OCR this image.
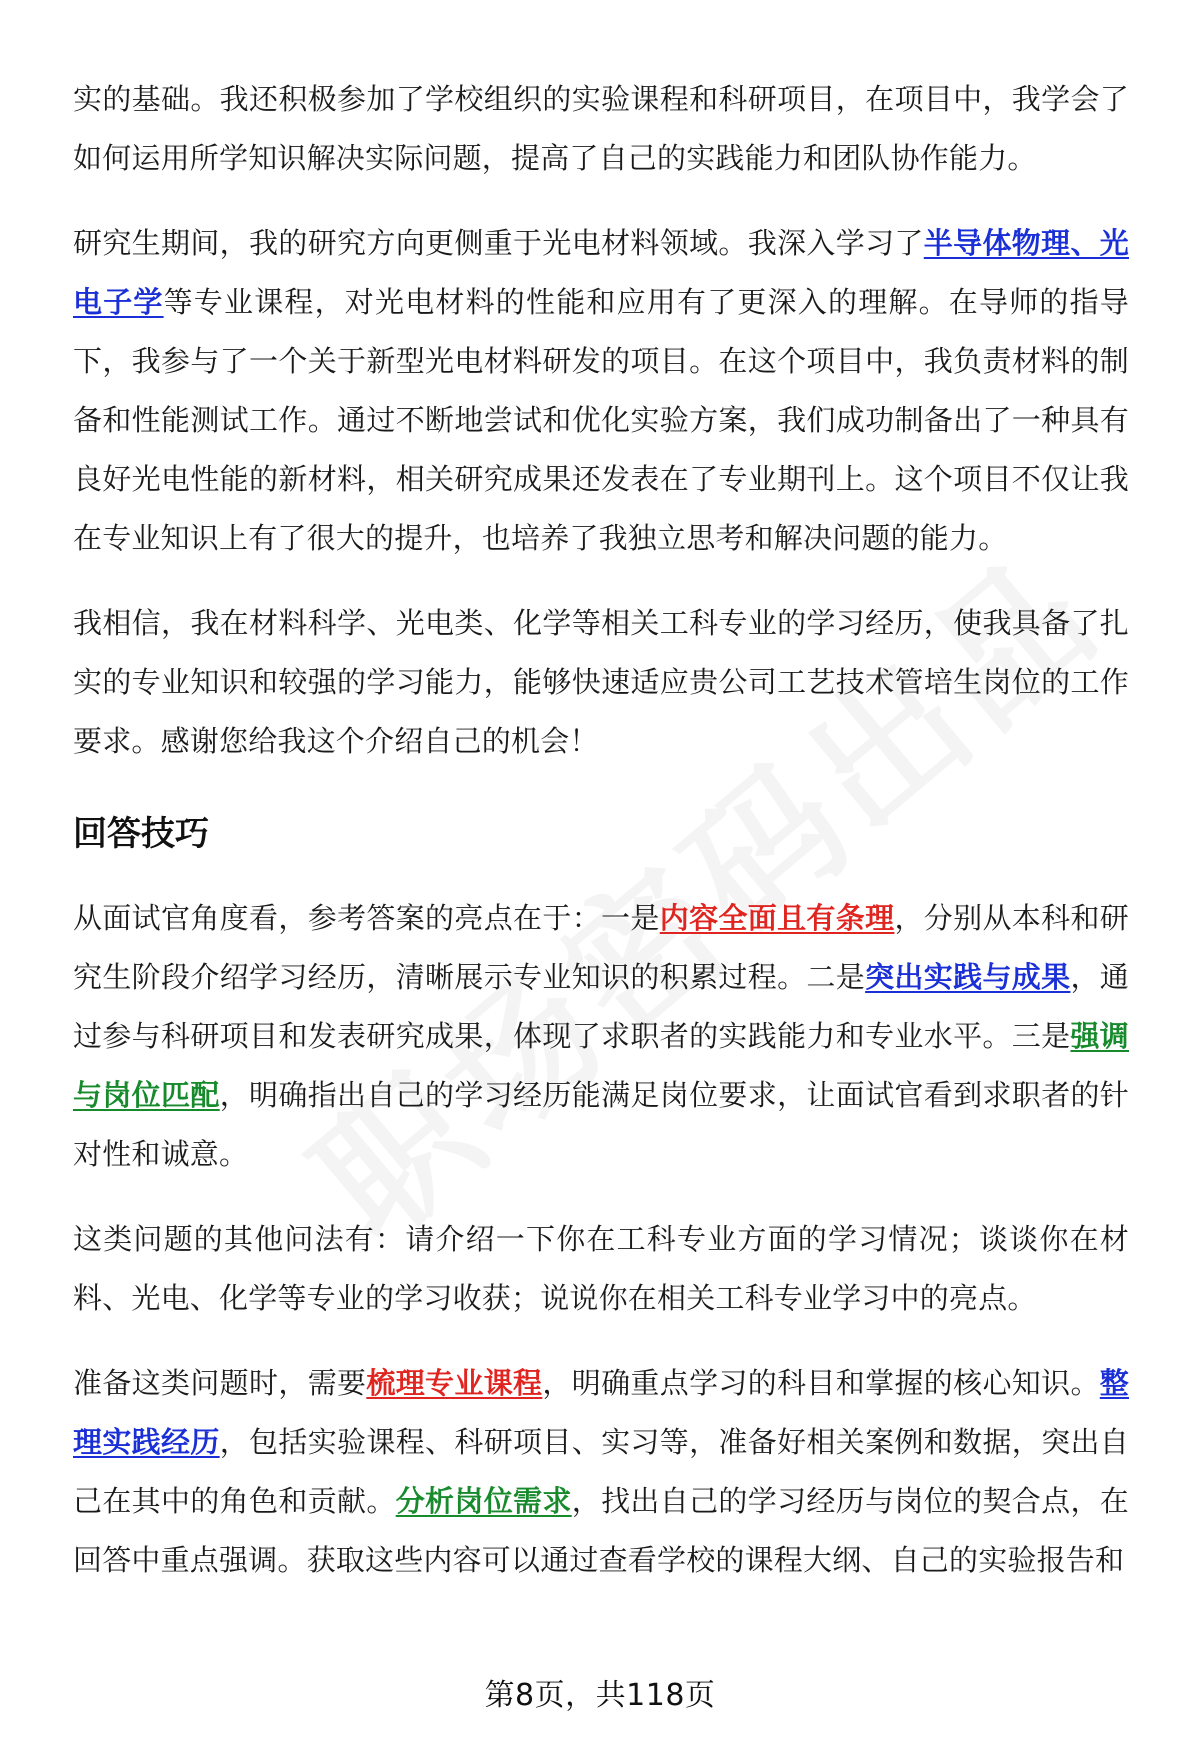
实的基础。我还积极参加了学校组织的实验课程和科研项目，在项目中，我学会了如何运用所学知识解决实际问题，提高了自己的实践能力和团队协作能力。
研究生期间，我的研究方向更侧重于光电材料领域。我深入学习了半导体物理、光电子学等专业课程，对光电材料的性能和应用有了更深入的理解。在导师的指导下，我参与了一个关于新型光电材料研发的项目。在这个项目中，我负责材料的制备和性能测试工作。通过不断地尝试和优化实验方案，我们成功制备出了一种具有良好光电性能的新材料，相关研究成果还发表在了专业期刊上。这个项目不仅让我在专业知识上有了很大的提升，也培养了我独立思考和解决问题的能力。
我相信，我在材料科学、光电类、化学等相关工科专业的学习经历，使我具备了扎实的专业知识和较强的学习能力，能够快速适应贵公司工艺技术管培生岗位的工作要求。感谢您给我这个介绍自己的机会！
回答技巧
从面试官角度看，参考答案的亮点在于：一是内容全面且有条理，分别从本科和研究生阶段介绍学习经历，清晰展示专业知识的积累过程。二是突出实践与成果，通过参与科研项目和发表研究成果，体现了求职者的实践能力和专业水平。三是强调与岗位匹配，明确指出自己的学习经历能满足岗位要求，让面试官看到求职者的针对性和诚意。
这类问题的其他问法有：请介绍一下你在工科专业方面的学习情况；谈谈你在材料、光电、化学等专业的学习收获；说说你在相关工科专业学习中的亮点。
准备这类问题时，需要梳理专业课程，明确重点学习的科目和掌握的核心知识。整理实践经历，包括实验课程、科研项目、实习等，准备好相关案例和数据，突出自己在其中的角色和贡献。分析岗位需求，找出自己的学习经历与岗位的契合点，在回答中重点强调。获取这些内容可以通过查看学校的课程大纲、自己的实验报告和
第8页，共118页
